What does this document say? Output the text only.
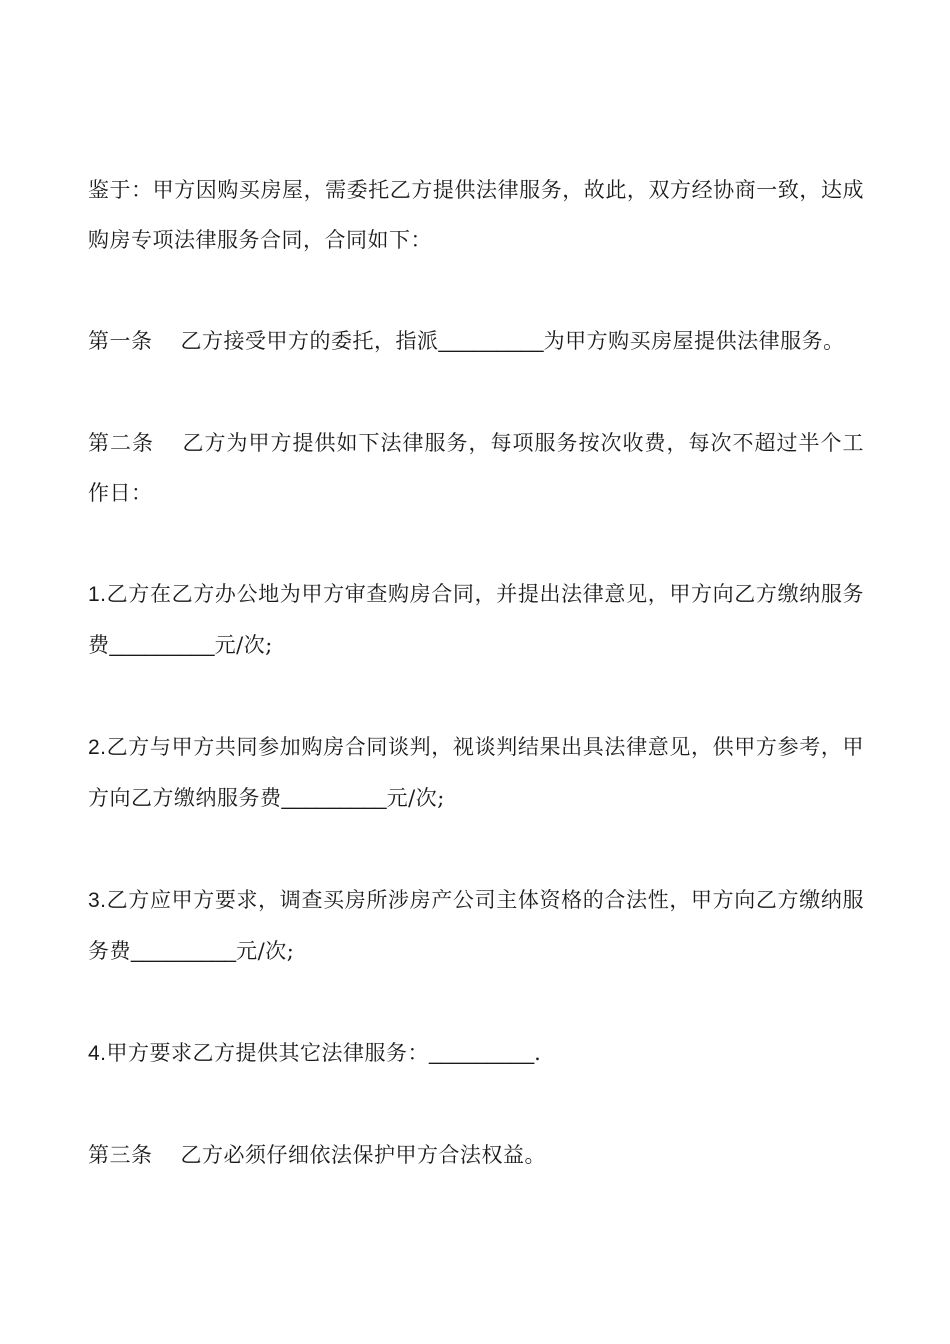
鉴于：甲方因购买房屋，需委托乙方提供法律服务，故此，双方经协商一致，达成购房专项法律服务合同，合同如下：

第一条 乙方接受甲方的委托，指派_________为甲方购买房屋提供法律服务。

第二条 乙方为甲方提供如下法律服务，每项服务按次收费，每次不超过半个工作日：

1.乙方在乙方办公地为甲方审查购房合同，并提出法律意见，甲方向乙方缴纳服务费_________元/次;

2.乙方与甲方共同参加购房合同谈判，视谈判结果出具法律意见，供甲方参考，甲方向乙方缴纳服务费_________元/次;

3.乙方应甲方要求，调查买房所涉房产公司主体资格的合法性，甲方向乙方缴纳服务费_________元/次;

4.甲方要求乙方提供其它法律服务：_________.

第三条 乙方必须仔细依法保护甲方合法权益。
